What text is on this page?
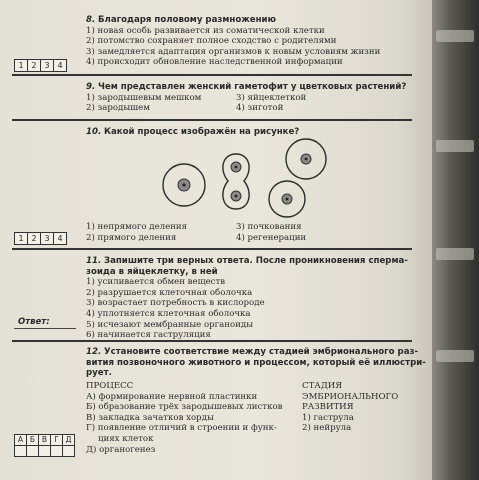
8. Благодаря половому размножению
1) новая особь развивается из соматической клетки
2) потомство сохраняет полное сходство с родителями
3) замедляется адаптация организмов к новым условиям жизни
4) происходит обновление наследственной информации
1 2 3 4
9. Чем представлен женский гаметофит у цветковых растений?
1) зародышевым мешком	3) яйцеклеткой
2) зародышем	4) зиготой
10. Какой процесс изображён на рисунке?
1) непрямого деления	3) почкования
2) прямого деления	4) регенерации
1 2 3 4
11. Запишите три верных ответа. После проникновения сперма-
зоида в яйцеклетку, в ней
1) усиливается обмен веществ
2) разрушается клеточная оболочка
3) возрастает потребность в кислороде
4) уплотняется клеточная оболочка
5) исчезают мембранные органоиды
6) начинается гаструляция
Ответ:
12. Установите соответствие между стадией эмбрионального раз-
вития позвоночного животного и процессом, который её иллюстри-
рует.
ПРОЦЕСС
А) формирование нервной пластинки
Б) образование трёх зародышевых листков
В) закладка зачатков хорды
Г) появление отличий в строении и функ-
циях клеток
Д) органогенез
СТАДИЯ
ЭМБРИОНАЛЬНОГО
РАЗВИТИЯ
1) гаструла
2) нейрула
А Б В Г Д
